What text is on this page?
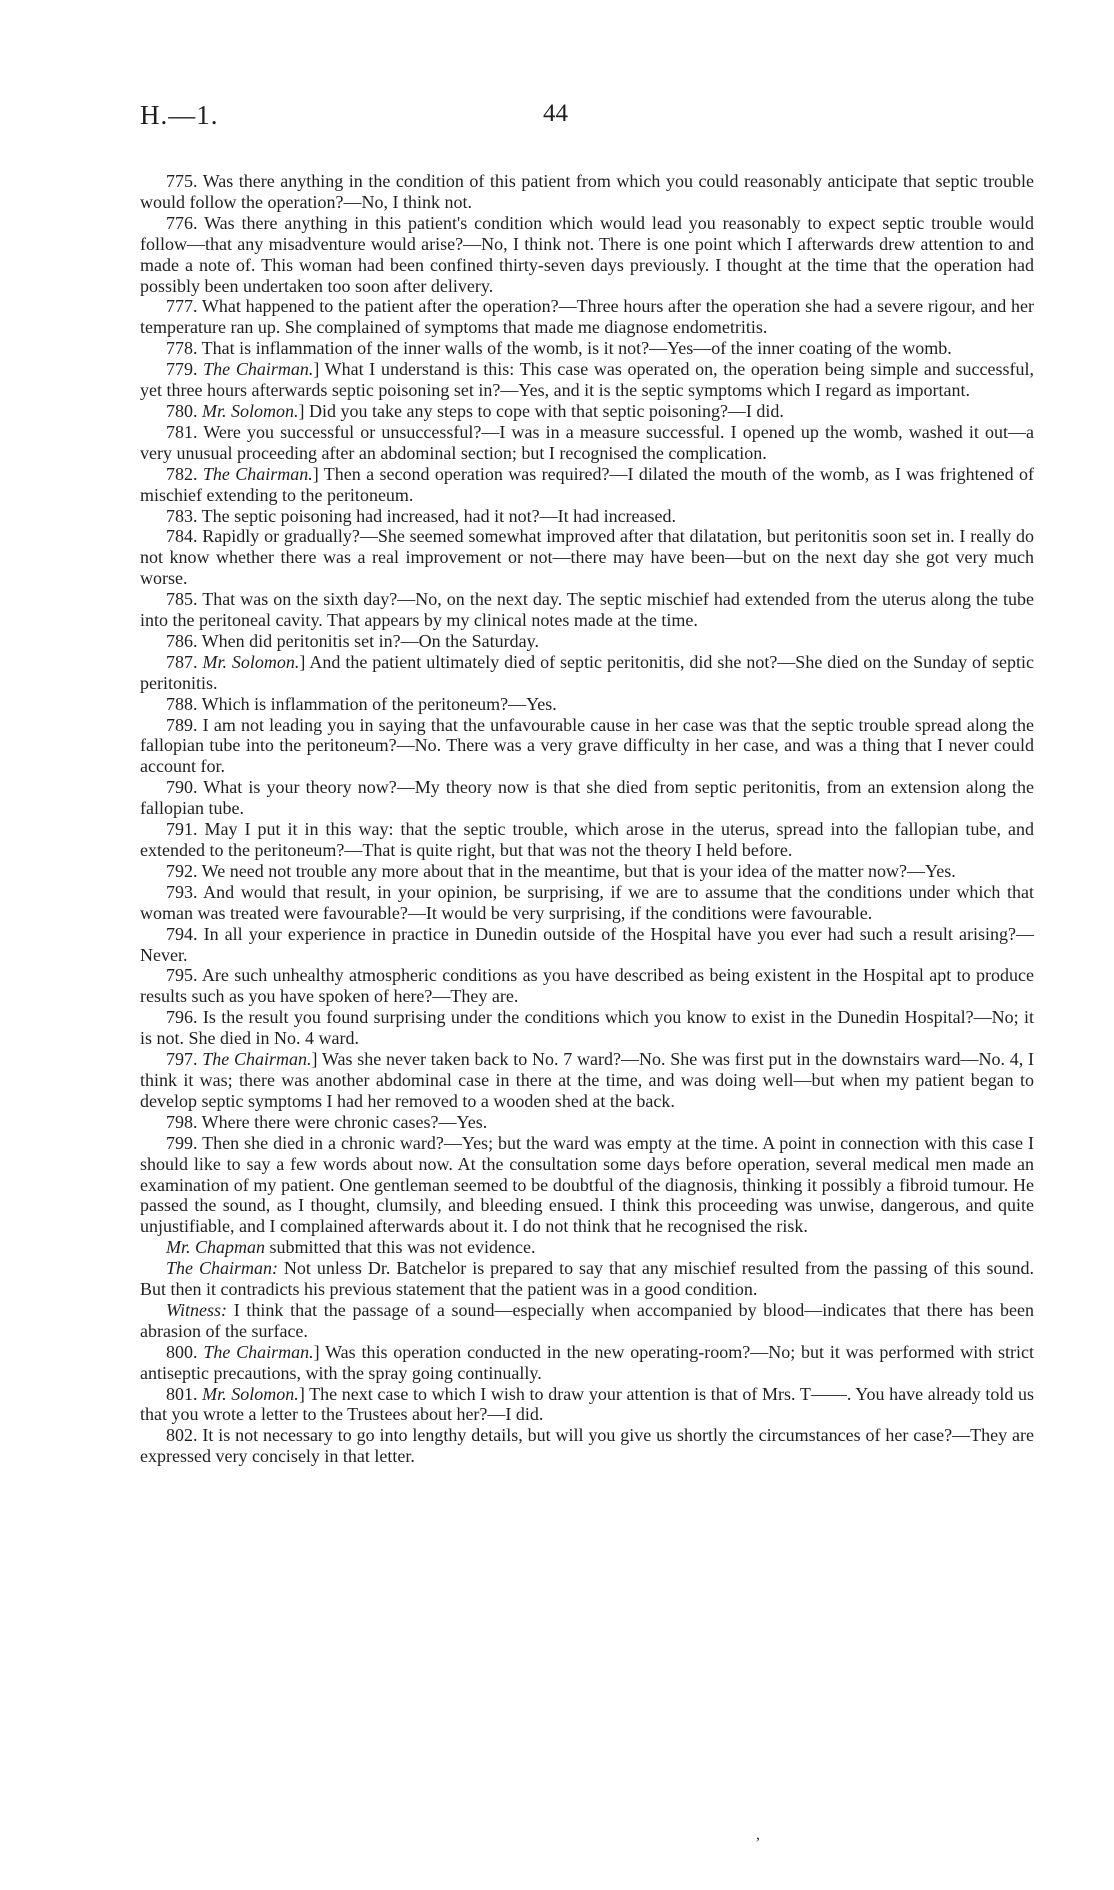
H.—1.	44

775. Was there anything in the condition of this patient from which you could reasonably anticipate that septic trouble would follow the operation?—No, I think not.

776. Was there anything in this patient's condition which would lead you reasonably to expect septic trouble would follow—that any misadventure would arise?—No, I think not. There is one point which I afterwards drew attention to and made a note of. This woman had been confined thirty-seven days previously. I thought at the time that the operation had possibly been undertaken too soon after delivery.

777. What happened to the patient after the operation?—Three hours after the operation she had a severe rigour, and her temperature ran up. She complained of symptoms that made me diagnose endometritis.

778. That is inflammation of the inner walls of the womb, is it not?—Yes—of the inner coating of the womb.

779. The Chairman.] What I understand is this: This case was operated on, the operation being simple and successful, yet three hours afterwards septic poisoning set in?—Yes, and it is the septic symptoms which I regard as important.

780. Mr. Solomon.] Did you take any steps to cope with that septic poisoning?—I did.

781. Were you successful or unsuccessful?—I was in a measure successful. I opened up the womb, washed it out—a very unusual proceeding after an abdominal section; but I recognised the complication.

782. The Chairman.] Then a second operation was required?—I dilated the mouth of the womb, as I was frightened of mischief extending to the peritoneum.

783. The septic poisoning had increased, had it not?—It had increased.

784. Rapidly or gradually?—She seemed somewhat improved after that dilatation, but peritonitis soon set in. I really do not know whether there was a real improvement or not—there may have been—but on the next day she got very much worse.

785. That was on the sixth day?—No, on the next day. The septic mischief had extended from the uterus along the tube into the peritoneal cavity. That appears by my clinical notes made at the time.

786. When did peritonitis set in?—On the Saturday.

787. Mr. Solomon.] And the patient ultimately died of septic peritonitis, did she not?—She died on the Sunday of septic peritonitis.

788. Which is inflammation of the peritoneum?—Yes.

789. I am not leading you in saying that the unfavourable cause in her case was that the septic trouble spread along the fallopian tube into the peritoneum?—No. There was a very grave difficulty in her case, and was a thing that I never could account for.

790. What is your theory now?—My theory now is that she died from septic peritonitis, from an extension along the fallopian tube.

791. May I put it in this way: that the septic trouble, which arose in the uterus, spread into the fallopian tube, and extended to the peritoneum?—That is quite right, but that was not the theory I held before.

792. We need not trouble any more about that in the meantime, but that is your idea of the matter now?—Yes.

793. And would that result, in your opinion, be surprising, if we are to assume that the conditions under which that woman was treated were favourable?—It would be very surprising, if the conditions were favourable.

794. In all your experience in practice in Dunedin outside of the Hospital have you ever had such a result arising?—Never.

795. Are such unhealthy atmospheric conditions as you have described as being existent in the Hospital apt to produce results such as you have spoken of here?—They are.

796. Is the result you found surprising under the conditions which you know to exist in the Dunedin Hospital?—No; it is not. She died in No. 4 ward.

797. The Chairman.] Was she never taken back to No. 7 ward?—No. She was first put in the downstairs ward—No. 4, I think it was; there was another abdominal case in there at the time, and was doing well—but when my patient began to develop septic symptoms I had her removed to a wooden shed at the back.

798. Where there were chronic cases?—Yes.

799. Then she died in a chronic ward?—Yes; but the ward was empty at the time. A point in connection with this case I should like to say a few words about now. At the consultation some days before operation, several medical men made an examination of my patient. One gentleman seemed to be doubtful of the diagnosis, thinking it possibly a fibroid tumour. He passed the sound, as I thought, clumsily, and bleeding ensued. I think this proceeding was unwise, dangerous, and quite unjustifiable, and I complained afterwards about it. I do not think that he recognised the risk.

Mr. Chapman submitted that this was not evidence.

The Chairman: Not unless Dr. Batchelor is prepared to say that any mischief resulted from the passing of this sound. But then it contradicts his previous statement that the patient was in a good condition.

Witness: I think that the passage of a sound—especially when accompanied by blood—indicates that there has been abrasion of the surface.

800. The Chairman.] Was this operation conducted in the new operating-room?—No; but it was performed with strict antiseptic precautions, with the spray going continually.

801. Mr. Solomon.] The next case to which I wish to draw your attention is that of Mrs. T——. You have already told us that you wrote a letter to the Trustees about her?—I did.

802. It is not necessary to go into lengthy details, but will you give us shortly the circumstances of her case?—They are expressed very concisely in that letter.

,
